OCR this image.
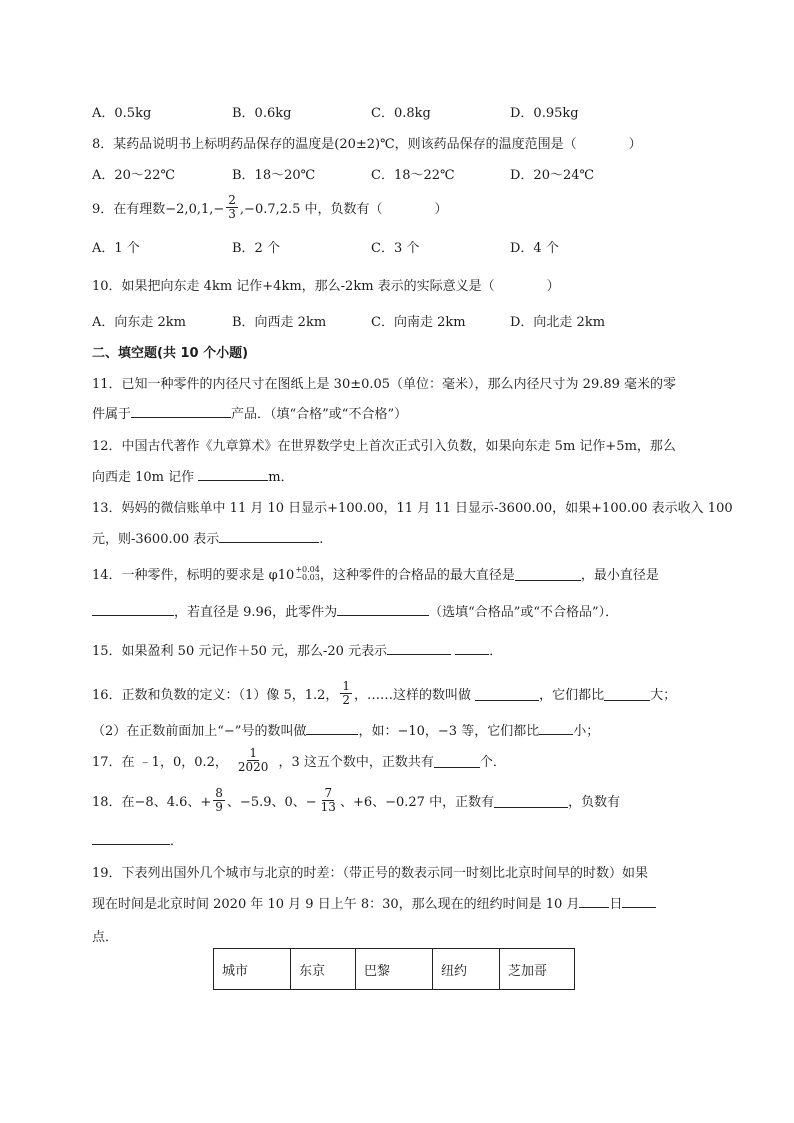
A．0.5kg	B．0.6kg	C．0.8kg	D．0.95kg
8．某药品说明书上标明药品保存的温度是(20±2)℃，则该药品保存的温度范围是（　　　　）
A．20～22℃	B．18～20℃	C．18～22℃	D．20～24℃
9．在有理数$-2,0,1,- \frac{2}{3} ,-0.7,2.5$ 中，负数有（　　　　）
A．1 个	B．2 个	C．3 个	D．4 个
10．如果把向东走 4km 记作+4km，那么-2km 表示的实际意义是（　　　　）
A．向东走 2km	B．向西走 2km	C．向南走 2km	D．向北走 2km
二、填空题(共 10 个小题)
11．已知一种零件的内径尺寸在图纸上是 30±0.05（单位：毫米），那么内径尺寸为 29.89 毫米的零
件属于	产品．（填“合格”或“不合格”）
12．中国古代著作《九章算术》在世界数学史上首次正式引入负数，如果向东走 5m 记作+5m，那么
向西走 10m 记作	m．
13．妈妈的微信账单中 11 月 10 日显示+100.00，11 月 11 日显示-3600.00，如果+100.00 表示收入 100
元，则-3600.00 表示	.
14．一种零件，标明的要求是 φ10 +0.04
−0.03 ，这种零件的合格品的最大直径是	，最小直径是
，若直径是 9.96，此零件为	（选填“合格品”或“不合格品”）．
15．如果盈利 50 元记作＋50 元，那么-20 元表示	．
16．正数和负数的定义：（1）像 5，1.2， $\frac{1}{2}$ ，……这样的数叫做	，它们都比	大；
（2）在正数前面加上“−”号的数叫做	，如：−10，−3 等，它们都比	小；
17．在 ﹣1，0，0.2， $\frac{1}{2020}$ ，3 这五个数中，正数共有	个．
18．在−8、4.6、+ $\frac{8}{9}$ 、−5.9、0、− $\frac{7}{13}$ 、+6、−0.27 中，正数有	，负数有
．
19．下表列出国外几个城市与北京的时差：（带正号的数表示同一时刻比北京时间早的时数）如果
现在时间是北京时间 2020 年 10 月 9 日上午 8：30，那么现在的纽约时间是 10 月 日
点．
城市	东京	巴黎	纽约	芝加哥
